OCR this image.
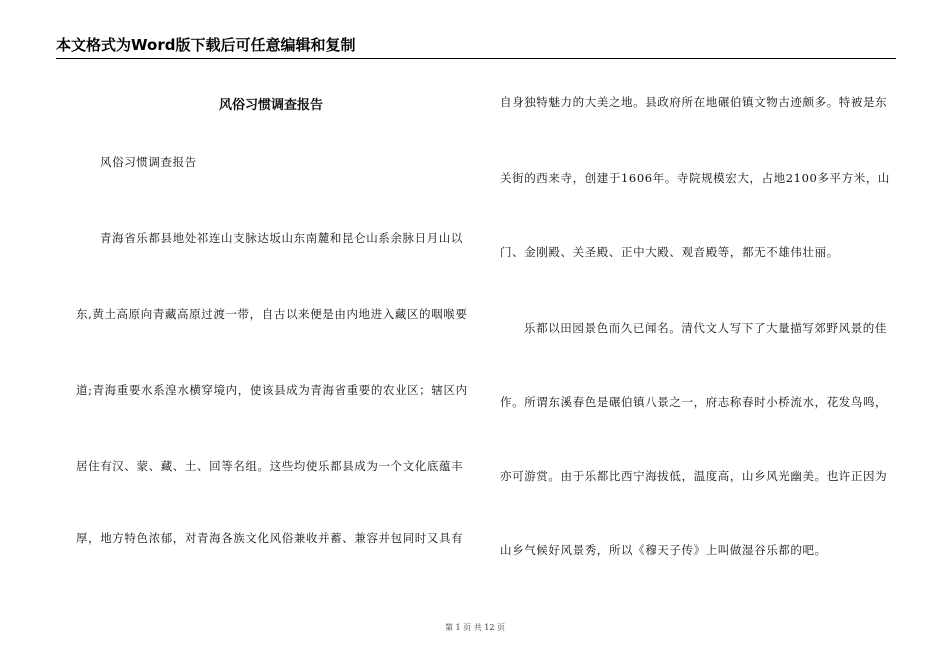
本文格式为Word版下载后可任意编辑和复制
风俗习惯调查报告
风俗习惯调查报告
青海省乐都县地处祁连山支脉达坂山东南麓和昆仑山系余脉日月山以
东,黄土高原向青藏高原过渡一带，自古以来便是由内地进入藏区的咽喉要
道;青海重要水系湟水横穿境内，使该县成为青海省重要的农业区；辖区内
居住有汉、蒙、藏、土、回等名组。这些均使乐都县成为一个文化底蕴丰
厚，地方特色浓郁，对青海各族文化风俗兼收并蓄、兼容并包同时又具有
自身独特魅力的大美之地。县政府所在地碾伯镇文物古迹颇多。特被是东
关街的西来寺，创建于1606年。寺院规模宏大，占地2100多平方米，山
门、金刚殿、关圣殿、正中大殿、观音殿等，都无不雄伟壮丽。
乐都以田园景色而久已闻名。清代文人写下了大量描写郊野风景的佳
作。所谓东溪春色是碾伯镇八景之一，府志称春时小桥流水，花发鸟鸣，
亦可游赏。由于乐都比西宁海拔低，温度高，山乡风光幽美。也许正因为
山乡气候好风景秀，所以《穆天子传》上叫做湿谷乐都的吧。
第 1 页 共 12 页
